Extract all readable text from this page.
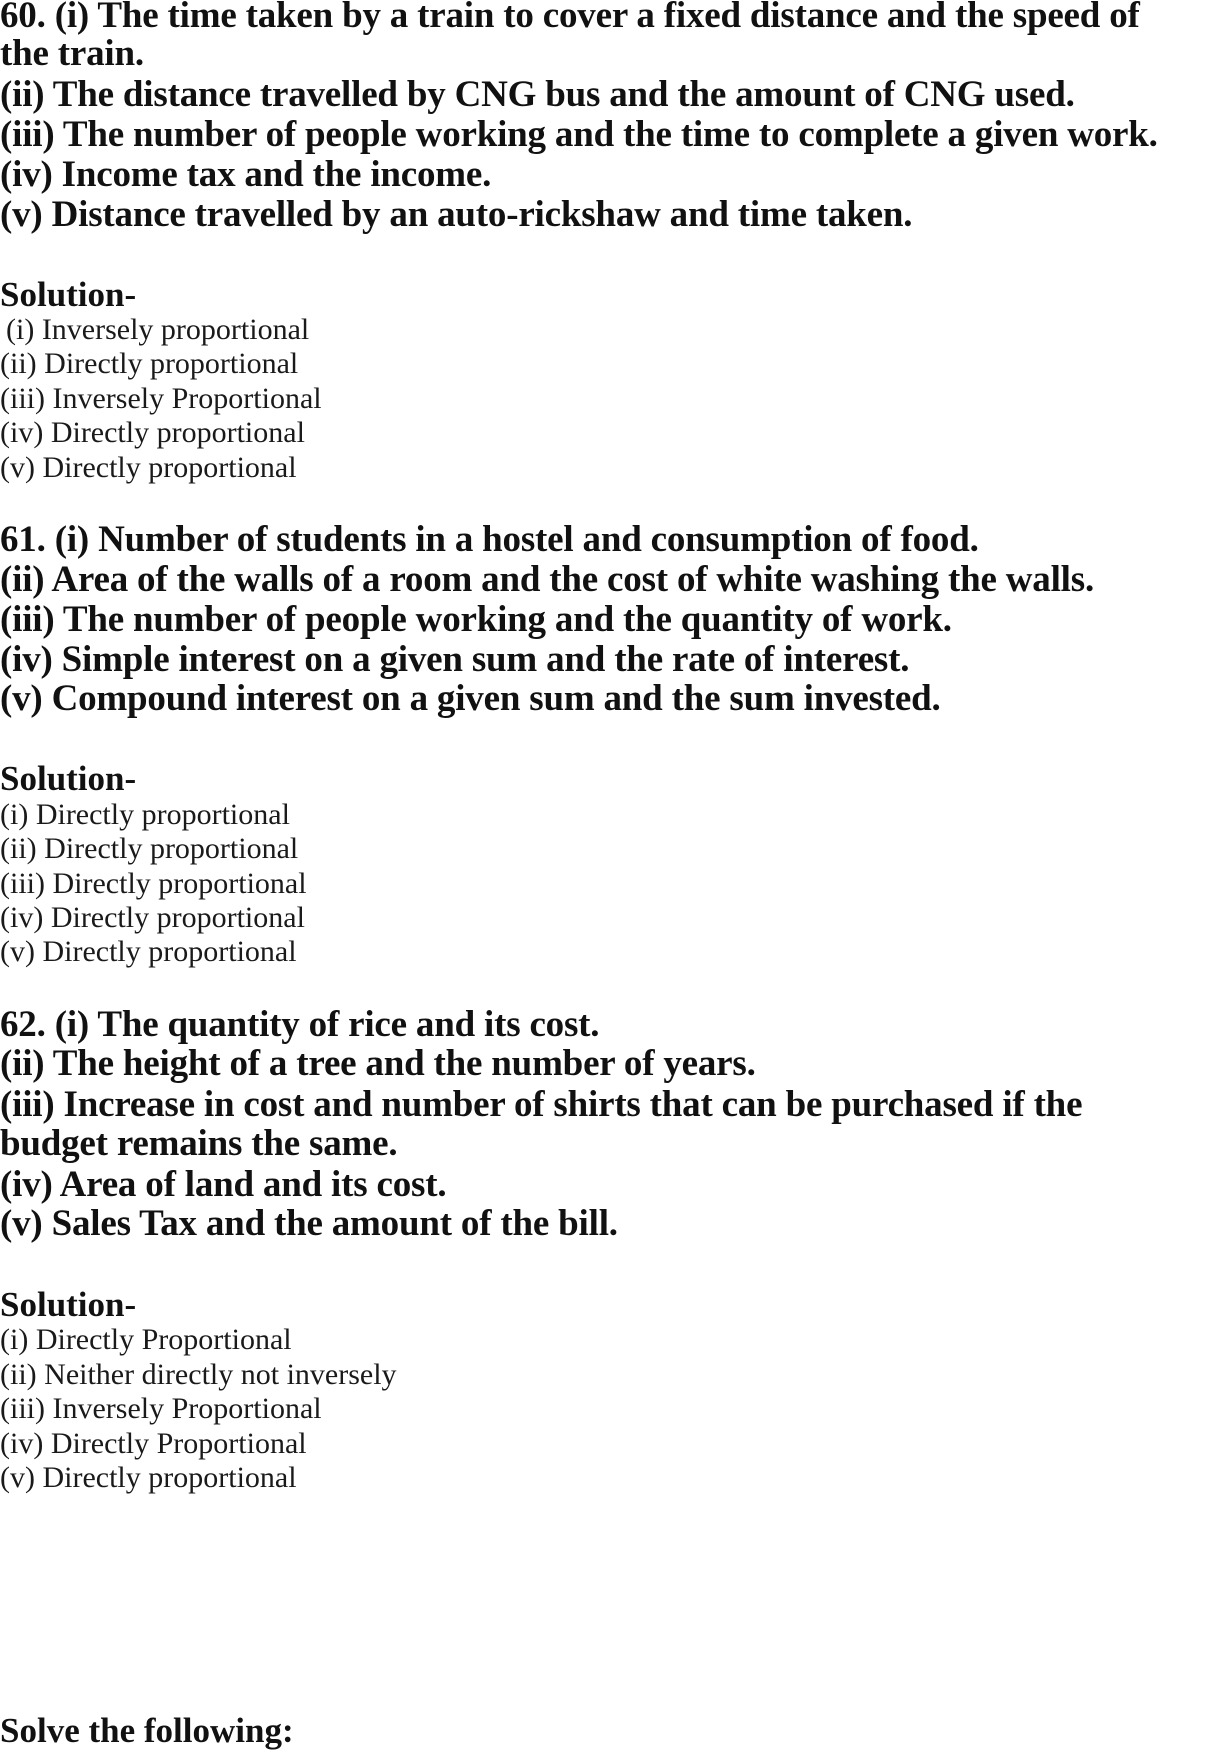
60. (i) The time taken by a train to cover a fixed distance and the speed of
the train.
(ii) The distance travelled by CNG bus and the amount of CNG used.
(iii) The number of people working and the time to complete a given work.
(iv) Income tax and the income.
(v) Distance travelled by an auto-rickshaw and time taken.
Solution-
(i) Inversely proportional
(ii) Directly proportional
(iii) Inversely Proportional
(iv) Directly proportional
(v) Directly proportional
61. (i) Number of students in a hostel and consumption of food.
(ii) Area of the walls of a room and the cost of white washing the walls.
(iii) The number of people working and the quantity of work.
(iv) Simple interest on a given sum and the rate of interest.
(v) Compound interest on a given sum and the sum invested.
Solution-
(i) Directly proportional
(ii) Directly proportional
(iii) Directly proportional
(iv) Directly proportional
(v) Directly proportional
62. (i) The quantity of rice and its cost.
(ii) The height of a tree and the number of years.
(iii) Increase in cost and number of shirts that can be purchased if the
budget remains the same.
(iv) Area of land and its cost.
(v) Sales Tax and the amount of the bill.
Solution-
(i) Directly Proportional
(ii) Neither directly not inversely
(iii) Inversely Proportional
(iv) Directly Proportional
(v) Directly proportional
Solve the following:
